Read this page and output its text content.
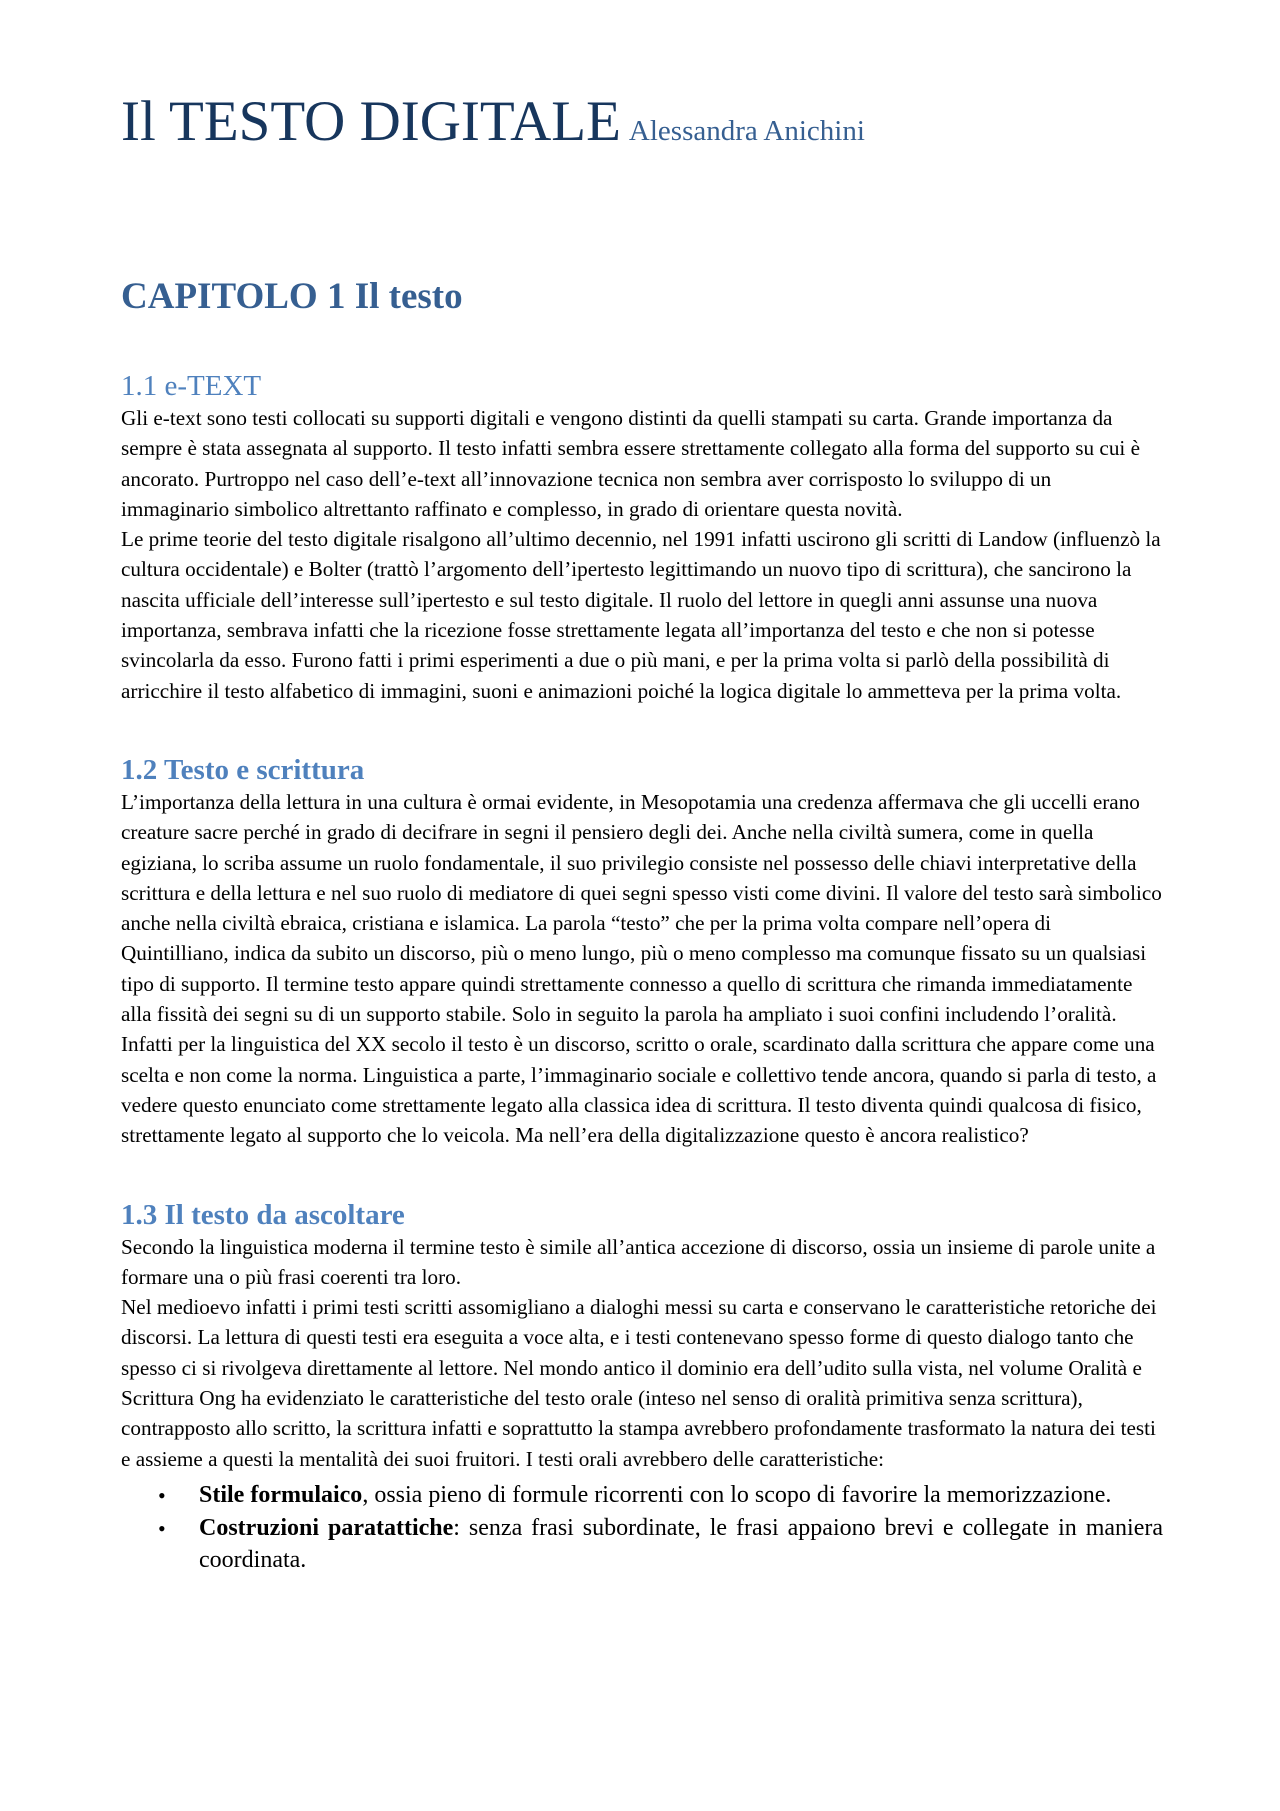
Il TESTO DIGITALE Alessandra Anichini
CAPITOLO 1 Il testo
1.1 e-TEXT

Gli e-text sono testi collocati su supporti digitali e vengono distinti da quelli stampati su carta. Grande importanza da sempre è stata assegnata al supporto. Il testo infatti sembra essere strettamente collegato alla forma del supporto su cui è ancorato. Purtroppo nel caso dell’e-text all’innovazione tecnica non sembra aver corrisposto lo sviluppo di un immaginario simbolico altrettanto raffinato e complesso, in grado di orientare questa novità.

Le prime teorie del testo digitale risalgono all’ultimo decennio, nel 1991 infatti uscirono gli scritti di Landow (influenzò la cultura occidentale) e Bolter (trattò l’argomento dell’ipertesto legittimando un nuovo tipo di scrittura), che sancirono la nascita ufficiale dell’interesse sull’ipertesto e sul testo digitale. Il ruolo del lettore in quegli anni assunse una nuova importanza, sembrava infatti che la ricezione fosse strettamente legata all’importanza del testo e che non si potesse svincolarla da esso. Furono fatti i primi esperimenti a due o più mani, e per la prima volta si parlò della possibilità di arricchire il testo alfabetico di immagini, suoni e animazioni poiché la logica digitale lo ammetteva per la prima volta.

1.2 Testo e scrittura

L’importanza della lettura in una cultura è ormai evidente, in Mesopotamia una credenza affermava che gli uccelli erano creature sacre perché in grado di decifrare in segni il pensiero degli dei. Anche nella civiltà sumera, come in quella egiziana, lo scriba assume un ruolo fondamentale, il suo privilegio consiste nel possesso delle chiavi interpretative della scrittura e della lettura e nel suo ruolo di mediatore di quei segni spesso visti come divini. Il valore del testo sarà simbolico anche nella civiltà ebraica, cristiana e islamica. La parola “testo” che per la prima volta compare nell’opera di Quintilliano, indica da subito un discorso, più o meno lungo, più o meno complesso ma comunque fissato su un qualsiasi tipo di supporto. Il termine testo appare quindi strettamente connesso a quello di scrittura che rimanda immediatamente alla fissità dei segni su di un supporto stabile. Solo in seguito la parola ha ampliato i suoi confini includendo l’oralità. Infatti per la linguistica del XX secolo il testo è un discorso, scritto o orale, scardinato dalla scrittura che appare come una scelta e non come la norma. Linguistica a parte, l’immaginario sociale e collettivo tende ancora, quando si parla di testo, a vedere questo enunciato come strettamente legato alla classica idea di scrittura. Il testo diventa quindi qualcosa di fisico, strettamente legato al supporto che lo veicola. Ma nell’era della digitalizzazione questo è ancora realistico?

1.3 Il testo da ascoltare

Secondo la linguistica moderna il termine testo è simile all’antica accezione di discorso, ossia un insieme di parole unite a formare una o più frasi coerenti tra loro.

Nel medioevo infatti i primi testi scritti assomigliano a dialoghi messi su carta e conservano le caratteristiche retoriche dei discorsi. La lettura di questi testi era eseguita a voce alta, e i testi contenevano spesso forme di questo dialogo tanto che spesso ci si rivolgeva direttamente al lettore. Nel mondo antico il dominio era dell’udito sulla vista, nel volume Oralità e Scrittura Ong ha evidenziato le caratteristiche del testo orale (inteso nel senso di oralità primitiva senza scrittura), contrapposto allo scritto, la scrittura infatti e soprattutto la stampa avrebbero profondamente trasformato la natura dei testi e assieme a questi la mentalità dei suoi fruitori. I testi orali avrebbero delle caratteristiche:

• Stile formulaico, ossia pieno di formule ricorrenti con lo scopo di favorire la memorizzazione.
• Costruzioni paratattiche: senza frasi subordinate, le frasi appaiono brevi e collegate in maniera coordinata.
